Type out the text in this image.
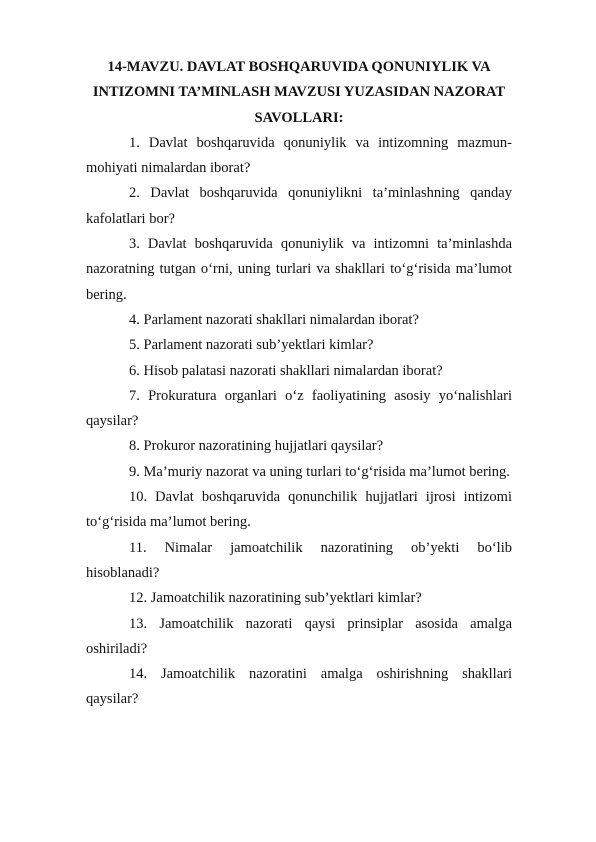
14-MAVZU. DAVLAT BOSHQARUVIDA QONUNIYLIK VA INTIZOMNI TA’MINLASH MAVZUSI YUZASIDAN NAZORAT SAVOLLARI:

1. Davlat boshqaruvida qonuniylik va intizomning mazmun-mohiyati nimalardan iborat?

2. Davlat boshqaruvida qonuniylikni ta’minlashning qanday kafolatlari bor?

3. Davlat boshqaruvida qonuniylik va intizomni ta’minlashda nazoratning tutgan o‘rni, uning turlari va shakllari to‘g‘risida ma’lumot bering.

4. Parlament nazorati shakllari nimalardan iborat?

5. Parlament nazorati sub’yektlari kimlar?

6. Hisob palatasi nazorati shakllari nimalardan iborat?

7. Prokuratura organlari o‘z faoliyatining asosiy yo‘nalishlari qaysilar?

8. Prokuror nazoratining hujjatlari qaysilar?

9. Ma’muriy nazorat va uning turlari to‘g‘risida ma’lumot bering.

10. Davlat boshqaruvida qonunchilik hujjatlari ijrosi intizomi to‘g‘risida ma’lumot bering.

11. Nimalar jamoatchilik nazoratining ob’yekti bo‘lib hisoblanadi?

12. Jamoatchilik nazoratining sub’yektlari kimlar?

13. Jamoatchilik nazorati qaysi prinsiplar asosida amalga oshiriladi?

14. Jamoatchilik nazoratini amalga oshirishning shakllari qaysilar?
